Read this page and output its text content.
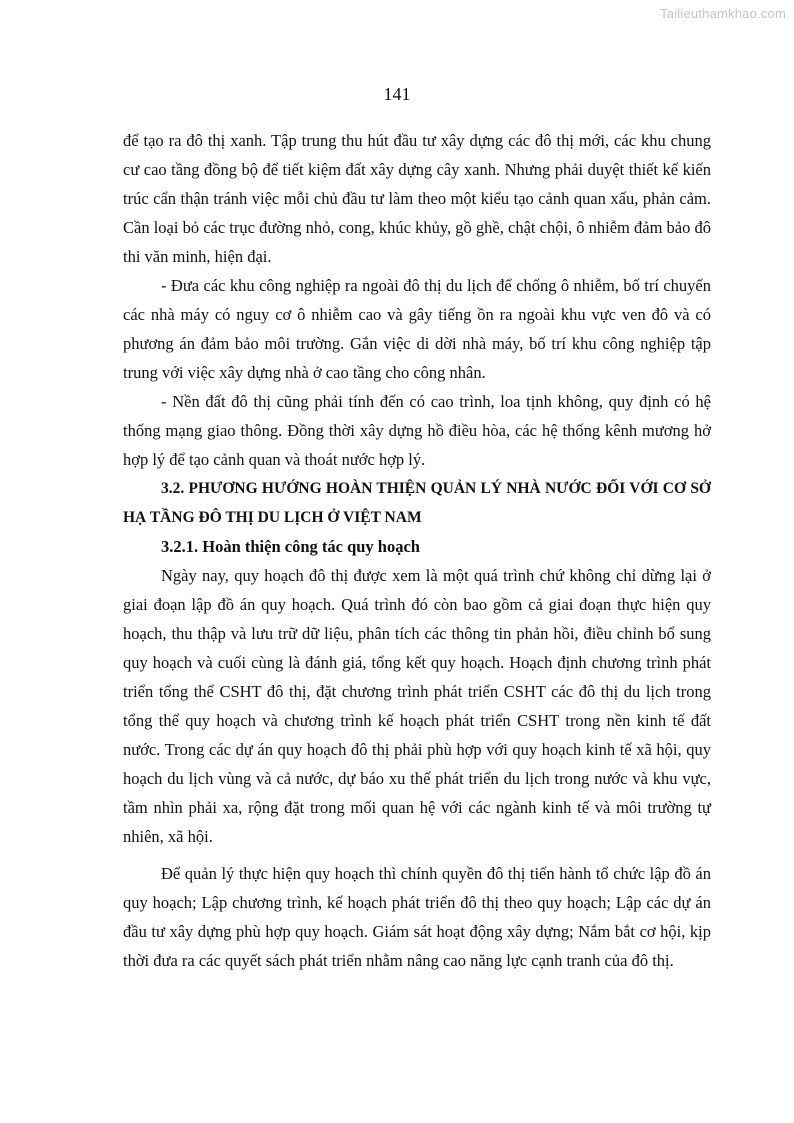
Tailieuthamkhao.com
141

để tạo ra đô thị xanh. Tập trung thu hút đầu tư xây dựng các đô thị mới, các khu chung cư cao tầng đồng bộ để tiết kiệm đất xây dựng cây xanh. Nhưng phải duyệt thiết kế kiến trúc cẩn thận tránh việc mỗi chủ đầu tư làm theo một kiểu tạo cảnh quan xấu, phản cảm. Cần loại bỏ các trục đường nhỏ, cong, khúc khủy, gồ ghề, chật chội, ô nhiễm đảm bảo đô thi văn minh, hiện đại.

- Đưa các khu công nghiệp ra ngoài đô thị du lịch để chống ô nhiễm, bố trí chuyển các nhà máy có nguy cơ ô nhiễm cao và gây tiếng ồn ra ngoài khu vực ven đô và có phương án đảm bảo môi trường. Gắn việc di dời nhà máy, bố trí khu công nghiệp tập trung với việc xây dựng nhà ở cao tầng cho công nhân.

- Nền đất đô thị cũng phải tính đến có cao trình, loa tịnh không, quy định có hệ thống mạng giao thông. Đồng thời xây dựng hồ điều hòa, các hệ thống kênh mương hở hợp lý để tạo cảnh quan và thoát nước hợp lý.

3.2. PHƯƠNG HƯỚNG HOÀN THIỆN QUẢN LÝ NHÀ NƯỚC ĐỐI VỚI CƠ SỞ HẠ TẦNG ĐÔ THỊ DU LỊCH Ở VIỆT NAM
3.2.1. Hoàn thiện công tác quy hoạch

Ngày nay, quy hoạch đô thị được xem là một quá trình chứ không chỉ dừng lại ở giai đoạn lập đồ án quy hoạch. Quá trình đó còn bao gồm cả giai đoạn thực hiện quy hoạch, thu thập và lưu trữ dữ liệu, phân tích các thông tin phản hồi, điều chỉnh bổ sung quy hoạch và cuối cùng là đánh giá, tổng kết quy hoạch. Hoạch định chương trình phát triển tổng thể CSHT đô thị, đặt chương trình phát triển CSHT các đô thị du lịch trong tổng thể quy hoạch và chương trình kế hoạch phát triển CSHT trong nền kinh tế đất nước. Trong các dự án quy hoạch đô thị phải phù hợp với quy hoạch kinh tế xã hội, quy hoạch du lịch vùng và cả nước, dự báo xu thế phát triển du lịch trong nước và khu vực, tầm nhìn phải xa, rộng đặt trong mối quan hệ với các ngành kinh tế và môi trường tự nhiên, xã hội.

Để quản lý thực hiện quy hoạch thì chính quyền đô thị tiến hành tổ chức lập đồ án quy hoạch; Lập chương trình, kế hoạch phát triển đô thị theo quy hoạch; Lập các dự án đầu tư xây dựng phù hợp quy hoạch. Giám sát hoạt động xây dựng; Nắm bắt cơ hội, kịp thời đưa ra các quyết sách phát triển nhằm nâng cao năng lực cạnh tranh của đô thị.
